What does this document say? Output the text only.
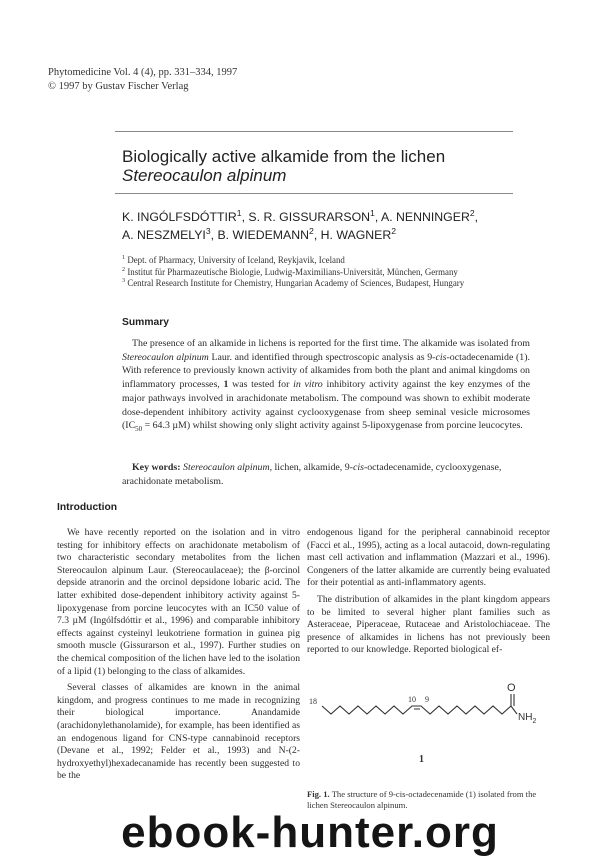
Phytomedicine Vol. 4 (4), pp. 331–334, 1997
© 1997 by Gustav Fischer Verlag
Biologically active alkamide from the lichen
Stereocaulon alpinum
K. INGÓLFSDÓTTIR$^1$, S. R. GISSURARSON$^1$, A. NENNINGER$^2$,
A. NESZMELYI$^3$, B. WIEDEMANN$^2$, H. WAGNER$^2$
$^1$ Dept. of Pharmacy, University of Iceland, Reykjavik, Iceland
$^2$ Institut für Pharmazeutische Biologie, Ludwig-Maximilians-Universität, München, Germany
$^3$ Central Research Institute for Chemistry, Hungarian Academy of Sciences, Budapest, Hungary
Summary
The presence of an alkamide in lichens is reported for the first time. The alkamide was isolated from Stereocaulon alpinum Laur. and identified through spectroscopic analysis as 9-cis-octadecenamide (1). With reference to previously known activity of alkamides from both the plant and animal kingdoms on inflammatory processes, 1 was tested for in vitro inhibitory activity against the key enzymes of the major pathways involved in arachidonate metabolism. The compound was shown to exhibit moderate dose-dependent inhibitory activity against cyclooxygenase from sheep seminal vesicle microsomes ($IC_{50} = 64.3$ µM) whilst showing only slight activity against 5-lipoxygenase from porcine leucocytes.
Key words: Stereocaulon alpinum, lichen, alkamide, 9-cis-octadecenamide, cyclooxygenase, arachidonate metabolism.
Introduction

We have recently reported on the isolation and in vitro testing for inhibitory effects on arachidonate metabolism of two characteristic secondary metabolites from the lichen Stereocaulon alpinum Laur. (Stereocaulaceae); the β-orcinol depside atranorin and the orcinol depsidone lobaric acid. The latter exhibited dose-dependent inhibitory activity against 5-lipoxygenase from porcine leucocytes with an IC50 value of 7.3 µM (Ingólfsdóttir et al., 1996) and comparable inhibitory effects against cysteinyl leukotriene formation in guinea pig smooth muscle (Gissurarson et al., 1997). Further studies on the chemical composition of the lichen have led to the isolation of a lipid (1) belonging to the class of alkamides.

Several classes of alkamides are known in the animal kingdom, and progress continues to me made in recognizing their biological importance. Anandamide (arachidonylethanolamide), for example, has been identified as an endogenous ligand for CNS-type cannabinoid receptors (Devane et al., 1992; Felder et al., 1993) and N-(2-hydroxyethyl)hexadecanamide has recently been suggested to be the

endogenous ligand for the peripheral cannabinoid receptor (Facci et al., 1995), acting as a local autacoid, down-regulating mast cell activation and inflammation (Mazzari et al., 1996). Congeners of the latter alkamide are currently being evaluated for their potential as anti-inflammatory agents.

The distribution of alkamides in the plant kingdom appears to be limited to several higher plant families such as Asteraceae, Piperaceae, Rutaceae and Aristolochiaceae. The presence of alkamides in lichens has not previously been reported to our knowledge. Reported biological ef-

18	10 9
O
$NH_2$
1
Fig. 1. The structure of 9-cis-octadecenamide (1) isolated from the lichen Stereocaulon alpinum.
ebook-hunter.org
